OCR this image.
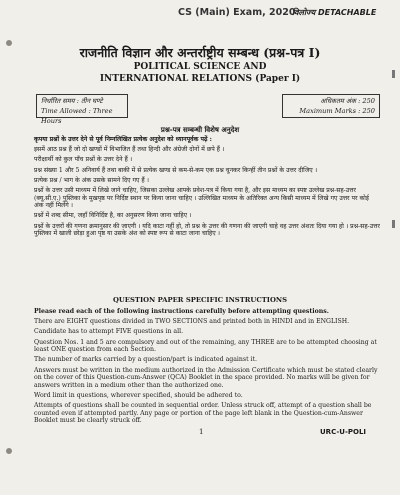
CS (Main) Exam, 2020
विलोज्य DETACHABLE
राजनीति विज्ञान और अन्तर्राष्ट्रीय सम्बन्ध (प्रश्न-पत्र I)
POLITICAL SCIENCE AND
INTERNATIONAL RELATIONS (Paper I)
निर्धारित समय : तीन घण्टे
Time Allowed : Three Hours
अधिकतम अंक : 250
Maximum Marks : 250
प्रश्न-पत्र सम्बन्धी विशेष अनुदेश

कृपया प्रश्नों के उत्तर देने से पूर्व निम्नलिखित प्रत्येक अनुदेश को ध्यानपूर्वक पढ़ें :

इसमें आठ प्रश्न हैं जो दो खण्डों में विभाजित हैं तथा हिन्दी और अंग्रेजी दोनों में छपे हैं ।

परीक्षार्थी को कुल पाँच प्रश्नों के उत्तर देने हैं ।

प्रश्न संख्या 1 और 5 अनिवार्य हैं तथा बाकी में से प्रत्येक खण्ड से कम-से-कम एक प्रश्न चुनकर किन्हीं तीन प्रश्नों के उत्तर दीजिए ।

प्रत्येक प्रश्न / भाग के अंक उसके सामने दिए गए हैं ।

प्रश्नों के उत्तर उसी माध्यम में लिखे जाने चाहिए, जिसका उल्लेख आपके प्रवेश-पत्र में किया गया है, और इस माध्यम का स्पष्ट उल्लेख प्रश्न-सह-उत्तर (क्यू.सी.ए.) पुस्तिका के मुखपृष्ठ पर निर्दिष्ट स्थान पर किया जाना चाहिए । उल्लिखित माध्यम के अतिरिक्त अन्य किसी माध्यम में लिखे गए उत्तर पर कोई अंक नहीं मिलेंगे ।

प्रश्नों में शब्द सीमा, जहाँ विनिर्दिष्ट है, का अनुसरण किया जाना चाहिए ।

प्रश्नों के उत्तरों की गणना क्रमानुसार की जाएगी । यदि काटा नहीं हो, तो प्रश्न के उत्तर की गणना की जाएगी चाहे वह उत्तर अंशतः दिया गया हो । प्रश्न-सह-उत्तर पुस्तिका में खाली छोड़ा हुआ पृष्ठ या उसके अंश को स्पष्ट रूप से काटा जाना चाहिए ।

QUESTION PAPER SPECIFIC INSTRUCTIONS

Please read each of the following instructions carefully before attempting questions.

There are EIGHT questions divided in TWO SECTIONS and printed both in HINDI and in ENGLISH.

Candidate has to attempt FIVE questions in all.

Question Nos. 1 and 5 are compulsory and out of the remaining, any THREE are to be attempted choosing at least ONE question from each Section.

The number of marks carried by a question/part is indicated against it.

Answers must be written in the medium authorized in the Admission Certificate which must be stated clearly on the cover of this Question-cum-Answer (QCA) Booklet in the space provided. No marks will be given for answers written in a medium other than the authorized one.

Word limit in questions, wherever specified, should be adhered to.

Attempts of questions shall be counted in sequential order. Unless struck off, attempt of a question shall be counted even if attempted partly. Any page or portion of the page left blank in the Question-cum-Answer Booklet must be clearly struck off.

1	URC-U-POLI
